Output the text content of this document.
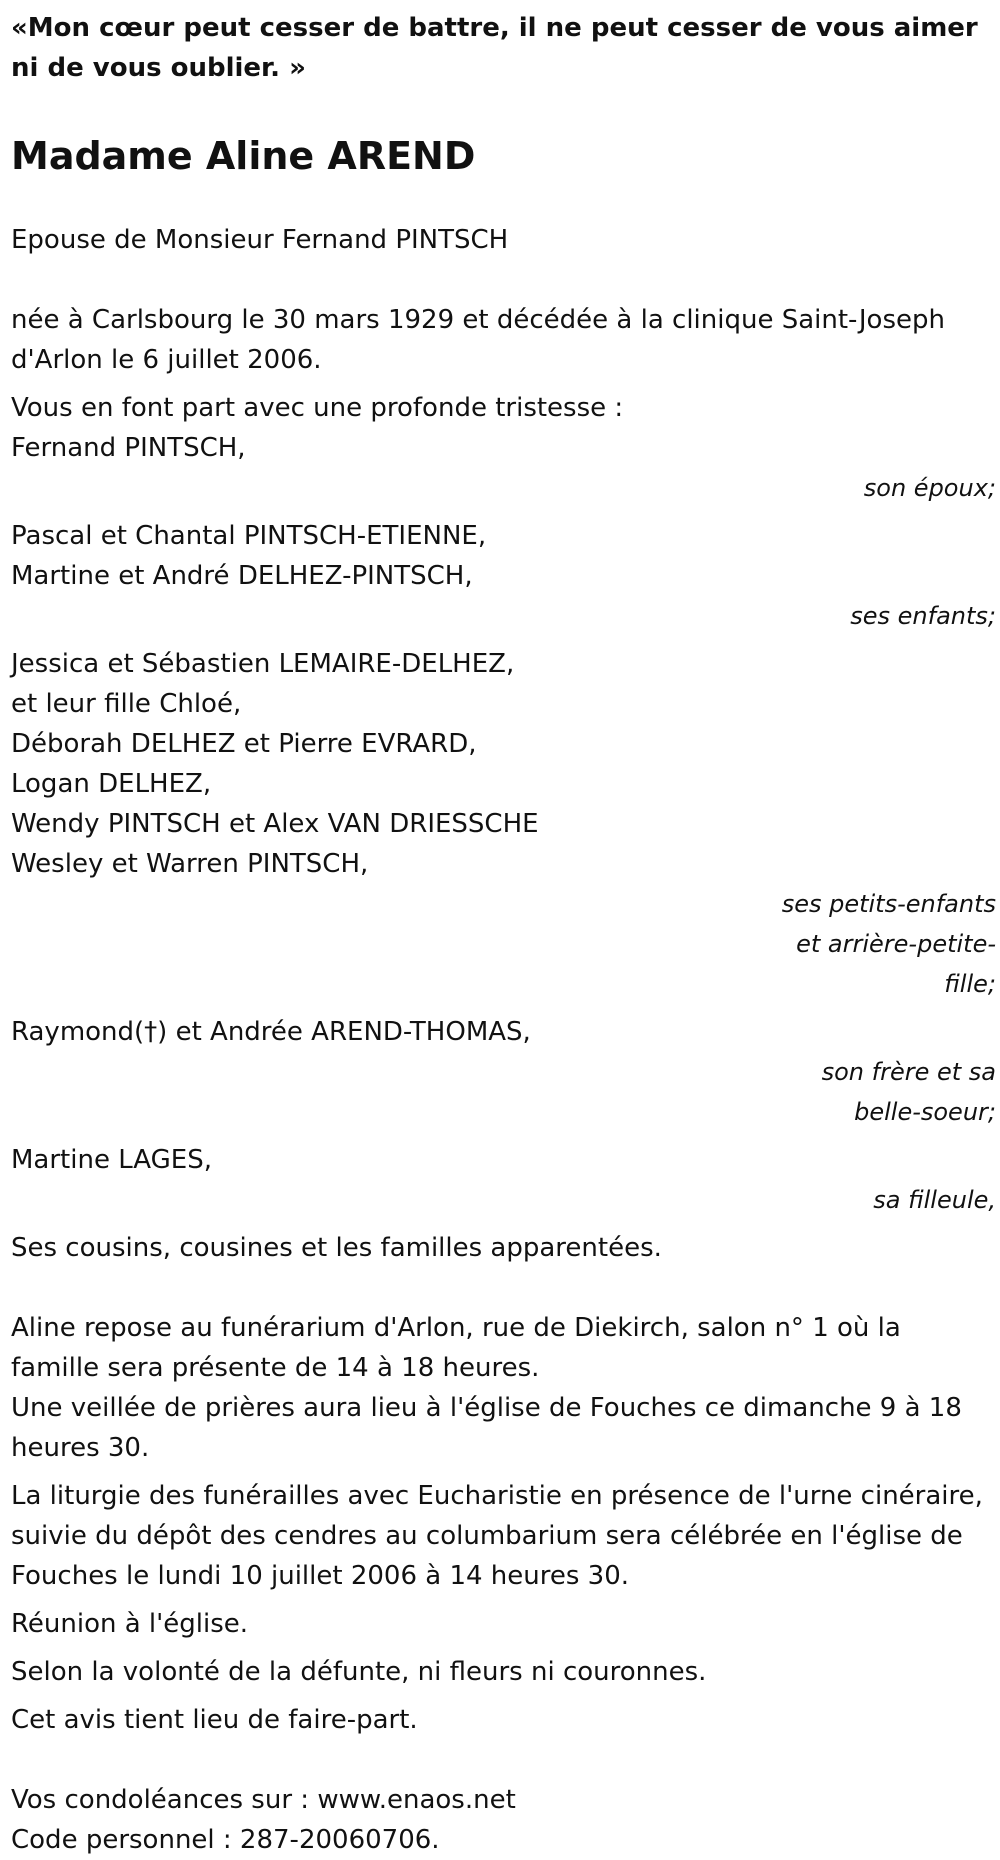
«Mon cœur peut cesser de battre, il ne peut cesser de vous aimer ni de vous oublier. »

Madame Aline AREND

Epouse de Monsieur Fernand PINTSCH

née à Carlsbourg le 30 mars 1929 et décédée à la clinique Saint-Joseph d'Arlon le 6 juillet 2006.

Vous en font part avec une profonde tristesse :

Fernand PINTSCH,

son époux;

Pascal et Chantal PINTSCH-ETIENNE,

Martine et André DELHEZ-PINTSCH,

ses enfants;

Jessica et Sébastien LEMAIRE-DELHEZ,

et leur fille Chloé,

Déborah DELHEZ et Pierre EVRARD,

Logan DELHEZ,

Wendy PINTSCH et Alex VAN DRIESSCHE

Wesley et Warren PINTSCH,

ses petits-enfants
et arrière-petite-
fille;

Raymond(†) et Andrée AREND-THOMAS,

son frère et sa
belle-soeur;

Martine LAGES,

sa filleule,

Ses cousins, cousines et les familles apparentées.

Aline repose au funérarium d'Arlon, rue de Diekirch, salon n° 1 où la famille sera présente de 14 à 18 heures.

Une veillée de prières aura lieu à l'église de Fouches ce dimanche 9 à 18 heures 30.

La liturgie des funérailles avec Eucharistie en présence de l'urne cinéraire, suivie du dépôt des cendres au columbarium sera célébrée en l'église de Fouches le lundi 10 juillet 2006 à 14 heures 30.

Réunion à l'église.

Selon la volonté de la défunte, ni fleurs ni couronnes.

Cet avis tient lieu de faire-part.

Vos condoléances sur : www.enaos.net

Code personnel : 287-20060706.
